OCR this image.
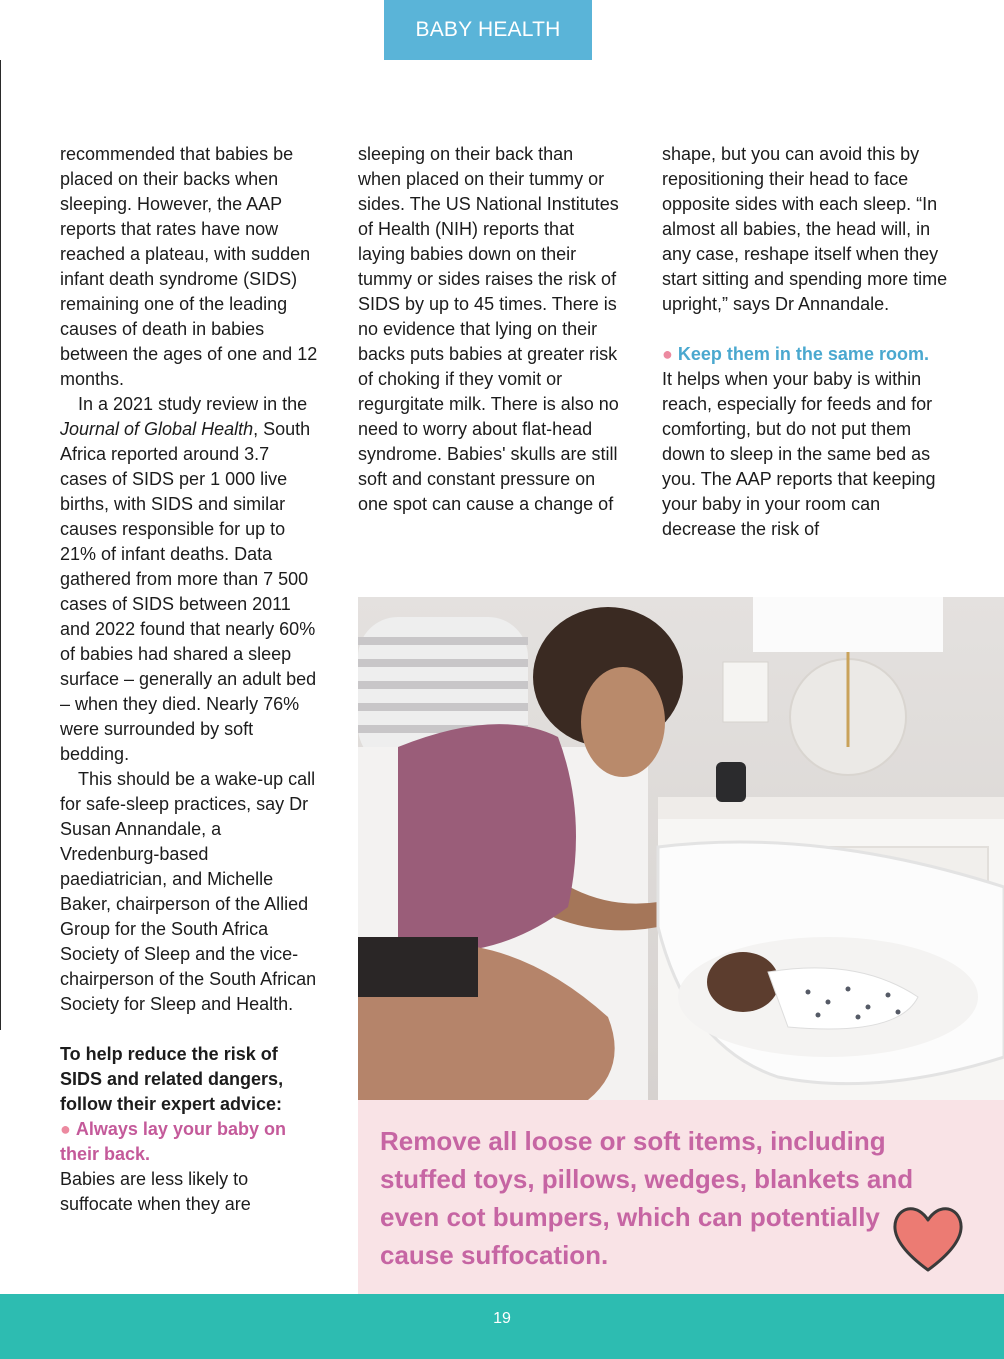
BABY HEALTH

recommended that babies be placed on their backs when sleeping. However, the AAP reports that rates have now reached a plateau, with sudden infant death syndrome (SIDS) remaining one of the leading causes of death in babies between the ages of one and 12 months.

In a 2021 study review in the Journal of Global Health, South Africa reported around 3.7 cases of SIDS per 1 000 live births, with SIDS and similar causes responsible for up to 21% of infant deaths. Data gathered from more than 7 500 cases of SIDS between 2011 and 2022 found that nearly 60% of babies had shared a sleep surface – generally an adult bed – when they died. Nearly 76% were surrounded by soft bedding.

This should be a wake-up call for safe-sleep practices, say Dr Susan Annandale, a Vredenburg-based paediatrician, and Michelle Baker, chairperson of the Allied Group for the South Africa Society of Sleep and the vice-chairperson of the South African Society for Sleep and Health.

To help reduce the risk of SIDS and related dangers, follow their expert advice:

● Always lay your baby on their back.

Babies are less likely to suffocate when they are

sleeping on their back than when placed on their tummy or sides. The US National Institutes of Health (NIH) reports that laying babies down on their tummy or sides raises the risk of SIDS by up to 45 times. There is no evidence that lying on their backs puts babies at greater risk of choking if they vomit or regurgitate milk. There is also no need to worry about flat-head syndrome. Babies' skulls are still soft and constant pressure on one spot can cause a change of

shape, but you can avoid this by repositioning their head to face opposite sides with each sleep. “In almost all babies, the head will, in any case, reshape itself when they start sitting and spending more time upright,” says Dr Annandale.

● Keep them in the same room.

It helps when your baby is within reach, especially for feeds and for comforting, but do not put them down to sleep in the same bed as you. The AAP reports that keeping your baby in your room can decrease the risk of

Remove all loose or soft items, including stuffed toys, pillows, wedges, blankets and even cot bumpers, which can potentially cause suffocation.
19
